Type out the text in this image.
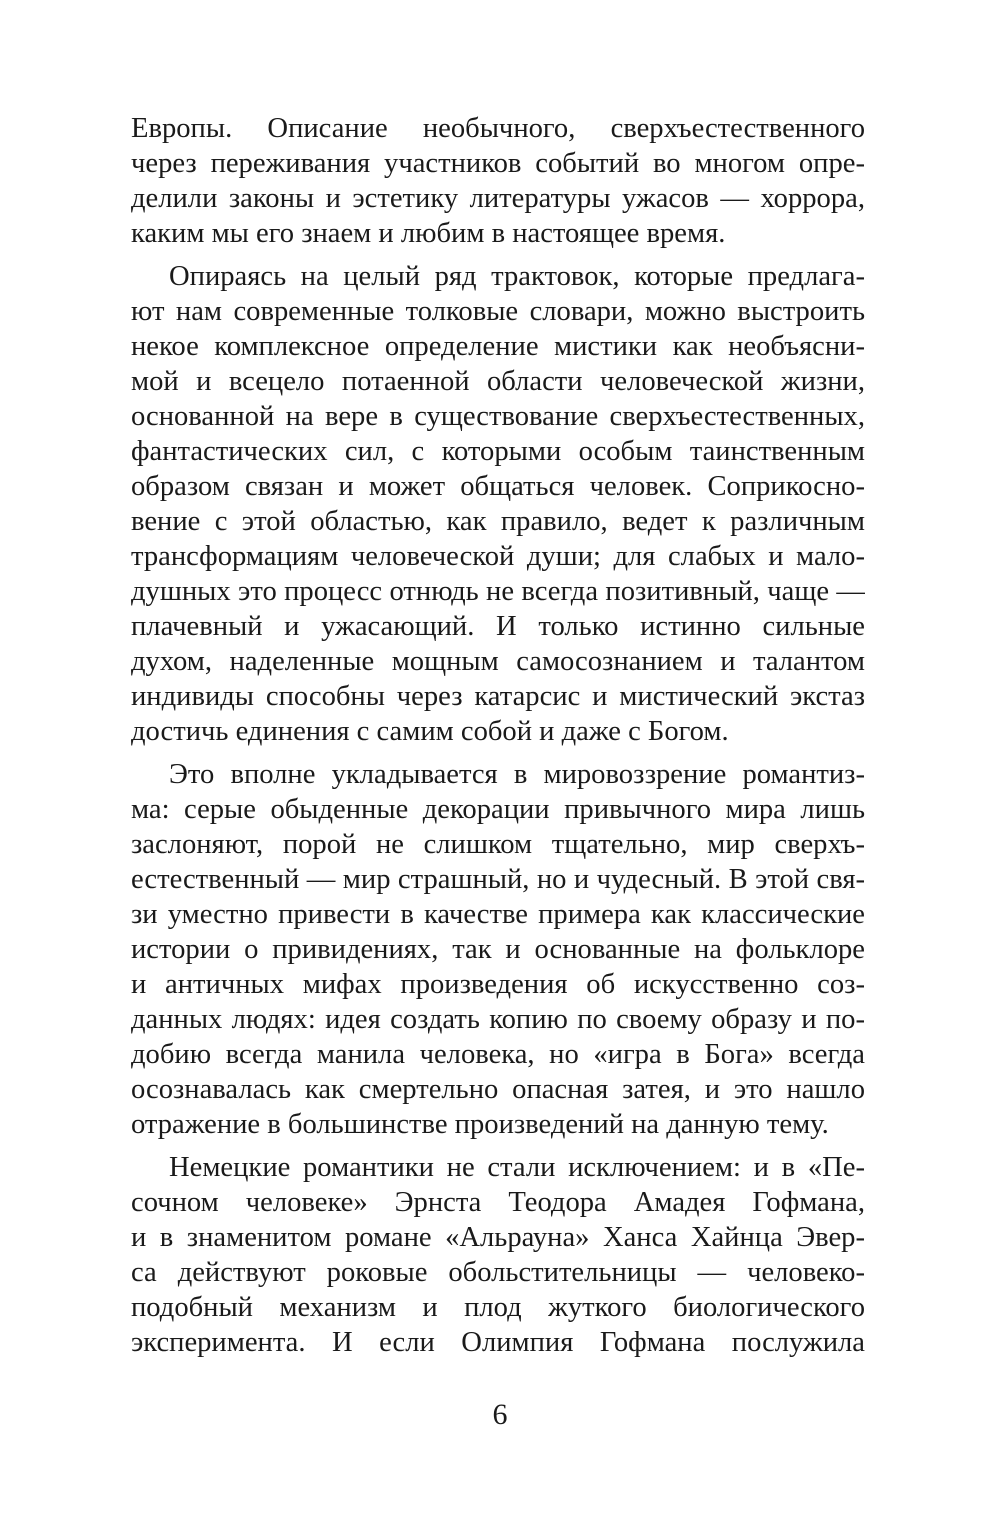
Европы. Описание необычного, сверхъестественного
через переживания участников событий во многом опре-
делили законы и эстетику литературы ужасов — хоррора,
каким мы его знаем и любим в настоящее время.
Опираясь на целый ряд трактовок, которые предлага-
ют нам современные толковые словари, можно выстроить
некое комплексное определение мистики как необъясни-
мой и всецело потаенной области человеческой жизни,
основанной на вере в существование сверхъестественных,
фантастических сил, с которыми особым таинственным
образом связан и может общаться человек. Соприкосно-
вение с этой областью, как правило, ведет к различным
трансформациям человеческой души; для слабых и мало-
душных это процесс отнюдь не всегда позитивный, чаще —
плачевный и ужасающий. И только истинно сильные
духом, наделенные мощным самосознанием и талантом
индивиды способны через катарсис и мистический экстаз
достичь единения с самим собой и даже с Богом.
Это вполне укладывается в мировоззрение романтиз-
ма: серые обыденные декорации привычного мира лишь
заслоняют, порой не слишком тщательно, мир сверхъ-
естественный — мир страшный, но и чудесный. В этой свя-
зи уместно привести в качестве примера как классические
истории о привидениях, так и основанные на фольклоре
и античных мифах произведения об искусственно соз-
данных людях: идея создать копию по своему образу и по-
добию всегда манила человека, но «игра в Бога» всегда
осознавалась как смертельно опасная затея, и это нашло
отражение в большинстве произведений на данную тему.
Немецкие романтики не стали исключением: и в «Пе-
сочном человеке» Эрнста Теодора Амадея Гофмана,
и в знаменитом романе «Альрауна» Ханса Хайнца Эвер-
са действуют роковые обольстительницы — человеко-
подобный механизм и плод жуткого биологического
эксперимента. И если Олимпия Гофмана послужила
6
